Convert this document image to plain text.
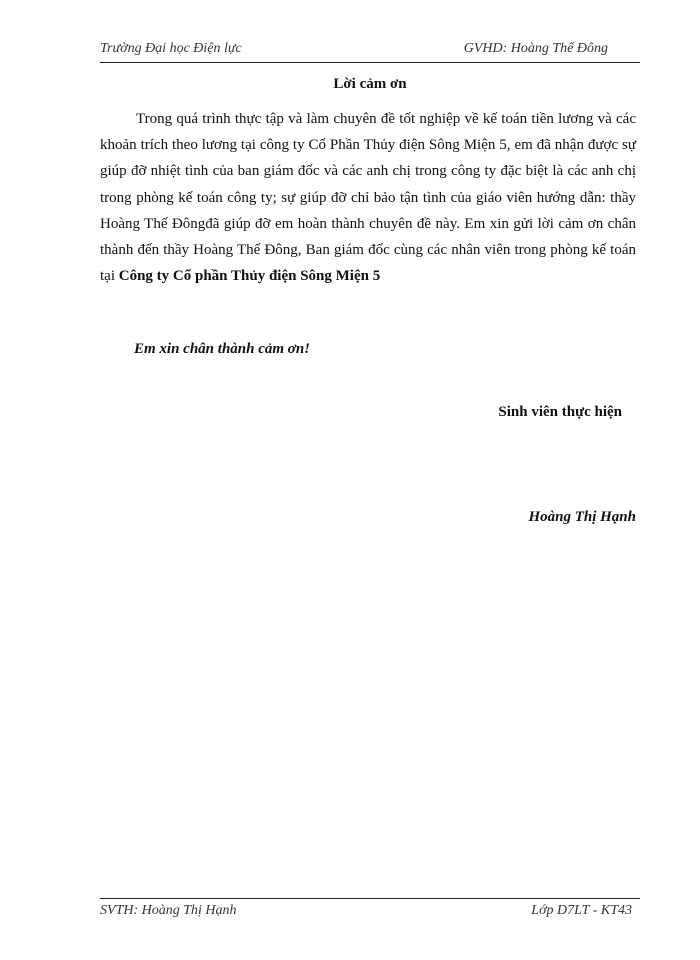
Trường Đại học Điện lực	GVHD: Hoàng Thế Đông
Lời cảm ơn

Trong quá trình thực tập và làm chuyên đề tốt nghiệp về kế toán tiền lương và các khoản trích theo lương tại công ty Cổ Phần Thủy điện Sông Miện 5, em đã nhận được sự giúp đỡ nhiệt tình của ban giám đốc và các anh chị trong công ty đặc biệt là các anh chị trong phòng kế toán công ty; sự giúp đỡ chỉ bảo tận tình của giáo viên hướng dẫn: thầy Hoàng Thế Đôngđã giúp đỡ em hoàn thành chuyên đề này. Em xin gửi lời cảm ơn chân thành đến thầy Hoàng Thế Đông, Ban giám đốc cùng các nhân viên trong phòng kế toán tại Công ty Cổ phần Thủy điện Sông Miện 5

Em xin chân thành cảm ơn!
Sinh viên thực hiện
Hoàng Thị Hạnh
SVTH: Hoàng Thị Hạnh	Lớp D7LT - KT43
